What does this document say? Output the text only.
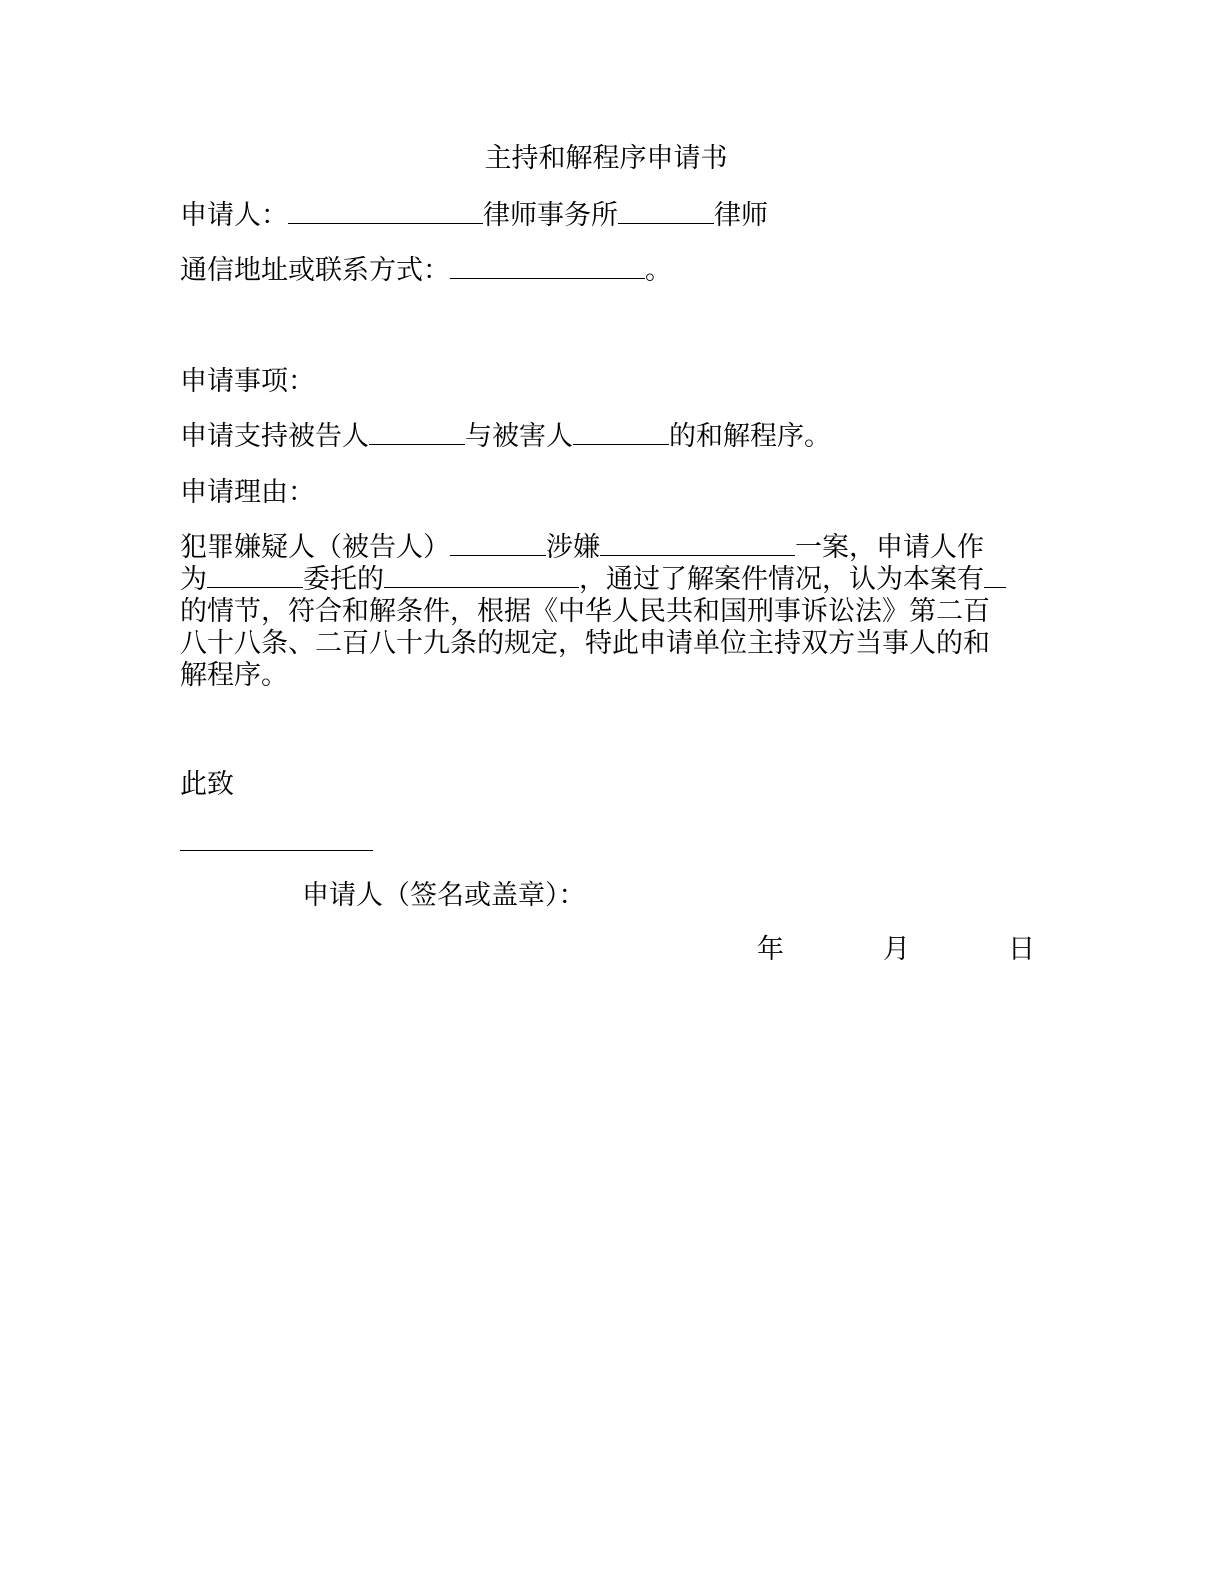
主持和解程序申请书
申请人：	律师事务所	律师
通信地址或联系方式：	。
申请事项：
申请支持被告人	与被害人	的和解程序。
申请理由：
犯罪嫌疑人（被告人）	涉嫌	一案，申请人作
为	委托的	，通过了解案件情况，认为本案有
的情节，符合和解条件，根据《中华人民共和国刑事诉讼法》第二百
八十八条、二百八十九条的规定，特此申请单位主持双方当事人的和
解程序。
此致
申请人（签名或盖章）：
年	月	日
